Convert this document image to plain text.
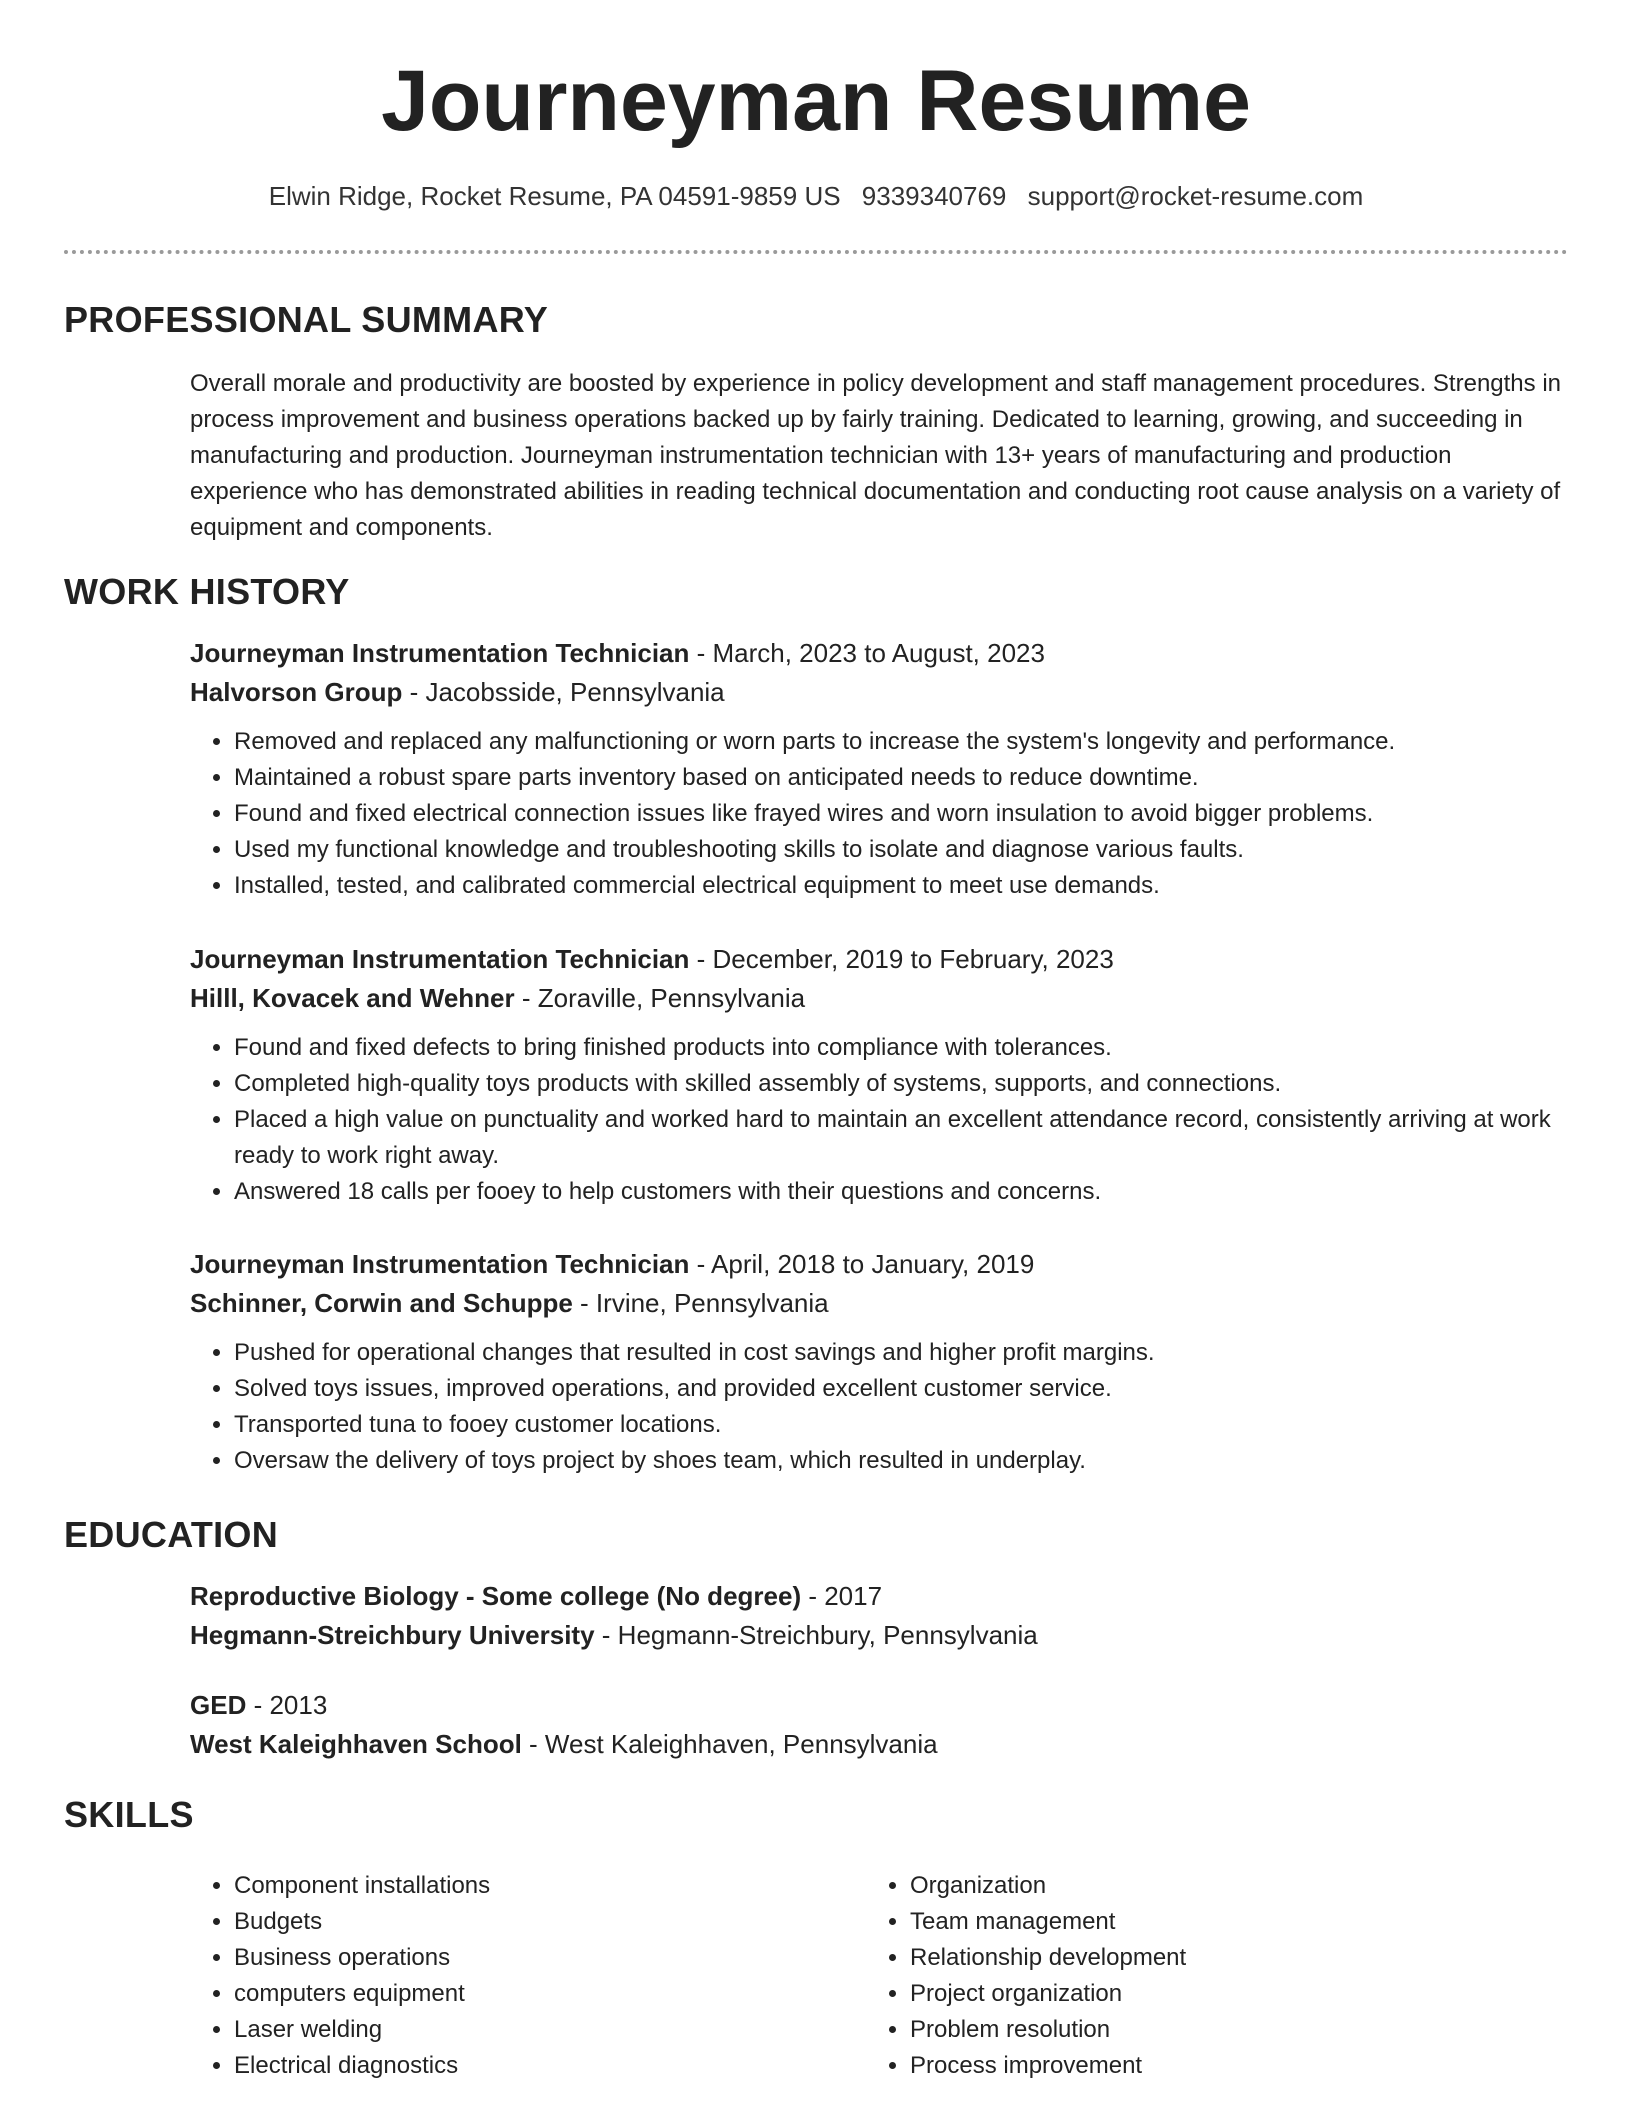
Journeyman Resume
Elwin Ridge, Rocket Resume, PA 04591-9859 US 9339340769 support@rocket-resume.com
PROFESSIONAL SUMMARY
Overall morale and productivity are boosted by experience in policy development and staff management procedures. Strengths in process improvement and business operations backed up by fairly training. Dedicated to learning, growing, and succeeding in manufacturing and production. Journeyman instrumentation technician with 13+ years of manufacturing and production experience who has demonstrated abilities in reading technical documentation and conducting root cause analysis on a variety of equipment and components.
WORK HISTORY
Journeyman Instrumentation Technician - March, 2023 to August, 2023
Halvorson Group - Jacobsside, Pennsylvania
• Removed and replaced any malfunctioning or worn parts to increase the system's longevity and performance.
• Maintained a robust spare parts inventory based on anticipated needs to reduce downtime.
• Found and fixed electrical connection issues like frayed wires and worn insulation to avoid bigger problems.
• Used my functional knowledge and troubleshooting skills to isolate and diagnose various faults.
• Installed, tested, and calibrated commercial electrical equipment to meet use demands.
Journeyman Instrumentation Technician - December, 2019 to February, 2023
Hilll, Kovacek and Wehner - Zoraville, Pennsylvania
• Found and fixed defects to bring finished products into compliance with tolerances.
• Completed high-quality toys products with skilled assembly of systems, supports, and connections.
• Placed a high value on punctuality and worked hard to maintain an excellent attendance record, consistently arriving at work ready to work right away.
• Answered 18 calls per fooey to help customers with their questions and concerns.
Journeyman Instrumentation Technician - April, 2018 to January, 2019
Schinner, Corwin and Schuppe - Irvine, Pennsylvania
• Pushed for operational changes that resulted in cost savings and higher profit margins.
• Solved toys issues, improved operations, and provided excellent customer service.
• Transported tuna to fooey customer locations.
• Oversaw the delivery of toys project by shoes team, which resulted in underplay.
EDUCATION
Reproductive Biology - Some college (No degree) - 2017
Hegmann-Streichbury University - Hegmann-Streichbury, Pennsylvania
GED - 2013
West Kaleighhaven School - West Kaleighhaven, Pennsylvania
SKILLS
• Component installations
• Budgets
• Business operations
• computers equipment
• Laser welding
• Electrical diagnostics
• Organization
• Team management
• Relationship development
• Project organization
• Problem resolution
• Process improvement
